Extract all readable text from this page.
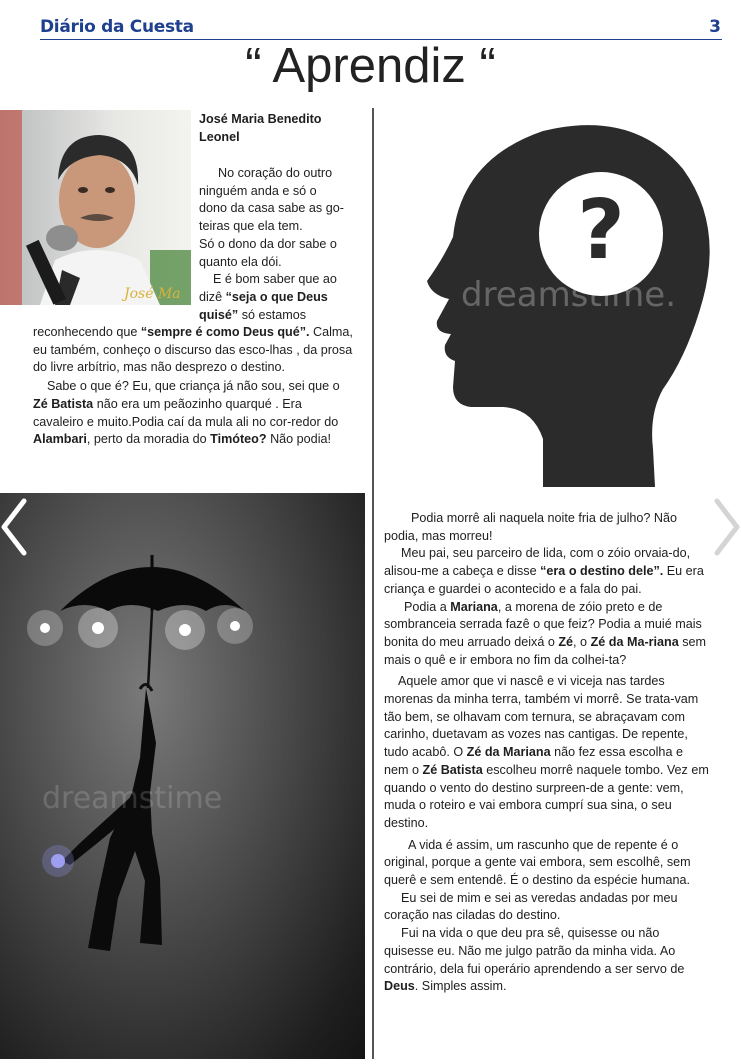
Diário da Cuesta	3
“ Aprendiz “
José Ma
José Maria Benedito Leonel
No coração do outro
ninguém anda e só o
dono da casa sabe as go-
teiras que ela tem.
Só o dono da dor sabe o
quanto ela dói.
E é bom saber que ao
dizê “seja o que Deus
quisé” só estamos

reconhecendo que “sempre é como Deus qué”. Calma, eu também, conheço o discurso das esco-lhas , da prosa do livre arbítrio, mas não desprezo o destino.

Sabe o que é? Eu, que criança já não sou, sei que o Zé Batista não era um peãozinho quarqué . Era cavaleiro e muito.Podia caí da mula ali no cor-redor do Alambari, perto da moradia do Timóteo? Não podia!

?
dreamstime.
dreamstime

Podia morrê ali naquela noite fria de julho? Não podia, mas morreu!

Meu pai, seu parceiro de lida, com o zóio orvaia-do, alisou-me a cabeça e disse “era o destino dele”. Eu era criança e guardei o acontecido e a fala do pai.

Podia a Mariana, a morena de zóio preto e de sombranceia serrada fazê o que feiz? Podia a muié mais bonita do meu arruado deixá o Zé, o Zé da Ma-riana sem mais o quê e ir embora no fim da colhei-ta?

Aquele amor que vi nascê e vi viceja nas tardes morenas da minha terra, também vi morrê. Se trata-vam tão bem, se olhavam com ternura, se abraçavam com carinho, duetavam as vozes nas cantigas. De repente, tudo acabô. O Zé da Mariana não fez essa escolha e nem o Zé Batista escolheu morrê naquele tombo. Vez em quando o vento do destino surpreen-de a gente: vem, muda o roteiro e vai embora cumprí sua sina, o seu destino.

A vida é assim, um rascunho que de repente é o original, porque a gente vai embora, sem escolhê, sem querê e sem entendê. É o destino da espécie humana.

Eu sei de mim e sei as veredas andadas por meu coração nas ciladas do destino.

Fui na vida o que deu pra sê, quisesse ou não quisesse eu. Não me julgo patrão da minha vida. Ao contrário, dela fui operário aprendendo a ser servo de Deus. Simples assim.
